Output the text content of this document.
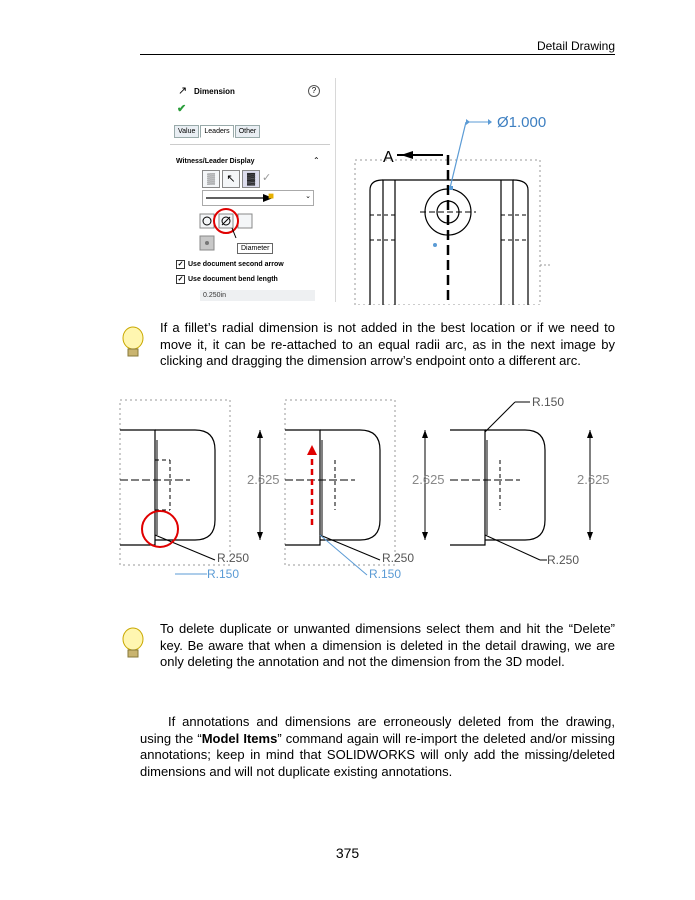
Detail Drawing
↗ Dimension	?
✔
Value	Leaders	Other
Witness/Leader Display	⌃
▒	↖	▓ ✓
⌄
■
Diameter
✓ Use document second arrow
✓ Use document bend length
0.250in
A
Ø1.000
If a fillet’s radial dimension is not added in the best location or if we need to move it, it can be re-attached to an equal radii arc, as in the next image by clicking and dragging the dimension arrow’s endpoint onto a different arc.
2.625
R.250
R.150
2.625
R.250
R.150
2.625
R.150
R.250
To delete duplicate or unwanted dimensions select them and hit the “Delete” key. Be aware that when a dimension is deleted in the detail drawing, we are only deleting the annotation and not the dimension from the 3D model.
If annotations and dimensions are erroneously deleted from the drawing, using the “Model Items” command again will re-import the deleted and/or missing annotations; keep in mind that SOLIDWORKS will only add the missing/deleted dimensions and will not duplicate existing annotations.
375
